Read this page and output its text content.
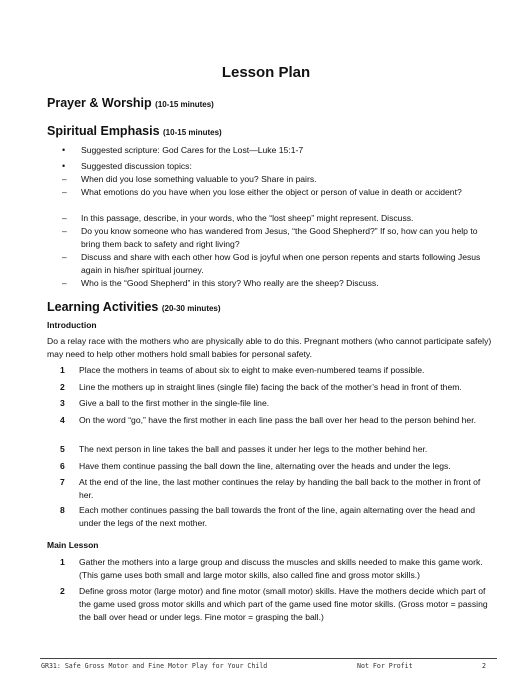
Lesson Plan
Prayer & Worship (10-15 minutes)
Spiritual Emphasis (10-15 minutes)
• Suggested scripture: God Cares for the Lost—Luke 15:1-7
• Suggested discussion topics:
– When did you lose something valuable to you? Share in pairs.
– What emotions do you have when you lose either the object or person of value in death or accident?
– In this passage, describe, in your words, who the “lost sheep” might represent. Discuss.
– Do you know someone who has wandered from Jesus, “the Good Shepherd?” If so, how can you help to bring them back to safety and right living?
– Discuss and share with each other how God is joyful when one person repents and starts following Jesus again in his/her spiritual journey.
– Who is the “Good Shepherd” in this story? Who really are the sheep? Discuss.
Learning Activities (20-30 minutes)
Introduction
Do a relay race with the mothers who are physically able to do this. Pregnant mothers (who cannot participate safely) may need to help other mothers hold small babies for personal safety.
1 Place the mothers in teams of about six to eight to make even-numbered teams if possible.
2 Line the mothers up in straight lines (single file) facing the back of the mother’s head in front of them.
3 Give a ball to the first mother in the single-file line.
4 On the word “go,” have the first mother in each line pass the ball over her head to the person behind her.
5 The next person in line takes the ball and passes it under her legs to the mother behind her.
6 Have them continue passing the ball down the line, alternating over the heads and under the legs.
7 At the end of the line, the last mother continues the relay by handing the ball back to the mother in front of her.
8 Each mother continues passing the ball towards the front of the line, again alternating over the head and under the legs of the next mother.
Main Lesson
1 Gather the mothers into a large group and discuss the muscles and skills needed to make this game work. (This game uses both small and large motor skills, also called fine and gross motor skills.)
2 Define gross motor (large motor) and fine motor (small motor) skills. Have the mothers decide which part of the game used gross motor skills and which part of the game used fine motor skills. (Gross motor = passing the ball over head or under legs. Fine motor = grasping the ball.)
GR31: Safe Gross Motor and Fine Motor Play for Your Child	Not For Profit	2
